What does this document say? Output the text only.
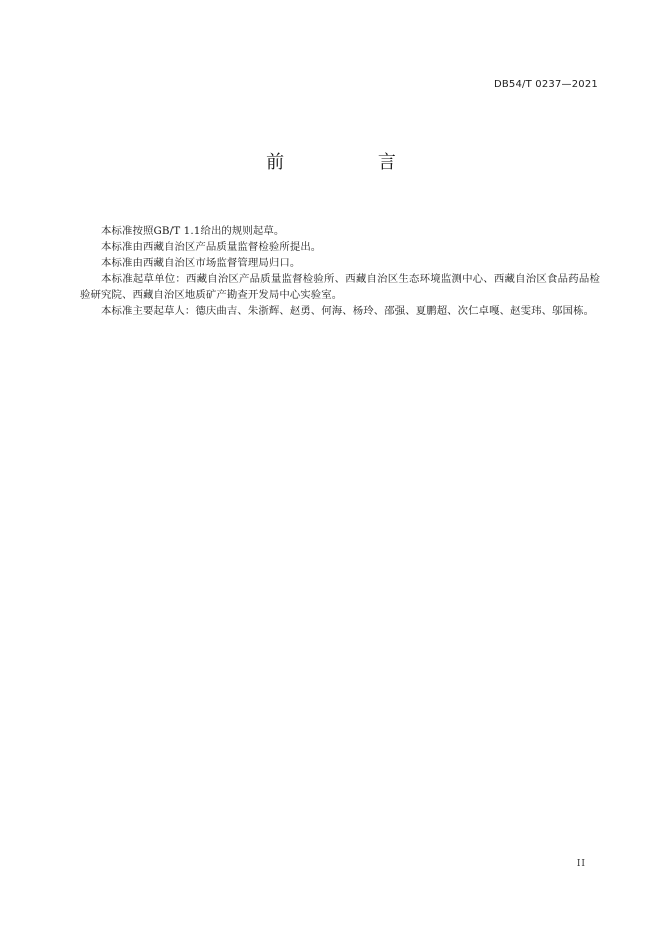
DB54/T 0237—2021
前 言

本标准按照GB/T 1.1给出的规则起草。

本标准由西藏自治区产品质量监督检验所提出。

本标准由西藏自治区市场监督管理局归口。

本标准起草单位：西藏自治区产品质量监督检验所、西藏自治区生态环境监测中心、西藏自治区食品药品检验研究院、西藏自治区地质矿产勘查开发局中心实验室。

本标准主要起草人：德庆曲吉、朱浙辉、赵勇、何海、杨玲、邵强、夏鹏超、次仁卓嘎、赵雯玮、邬国栋。

II
